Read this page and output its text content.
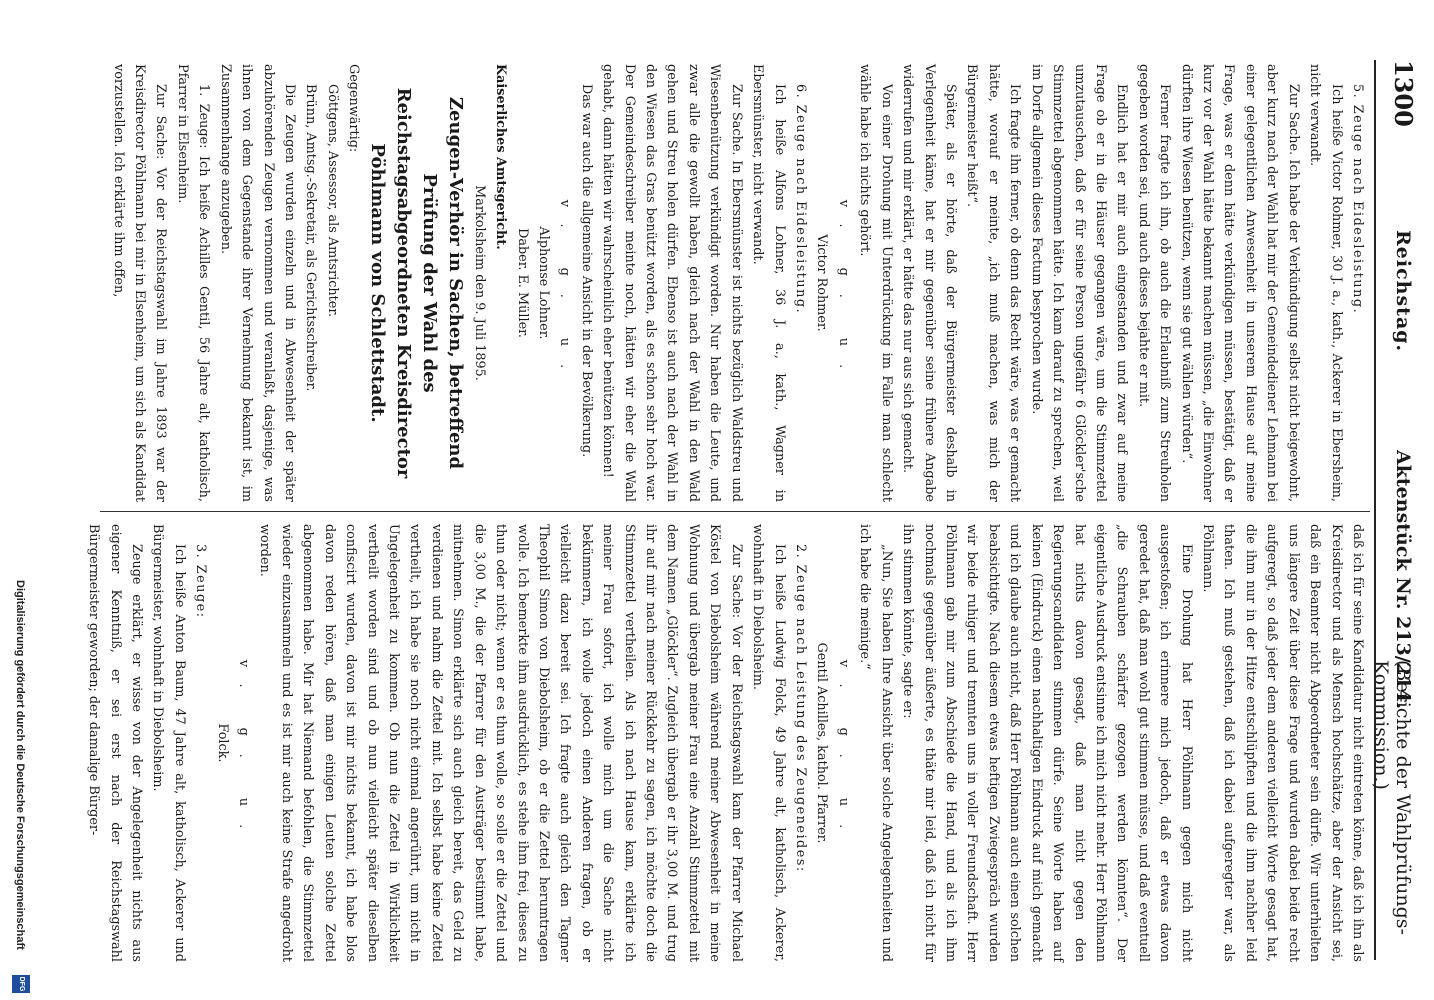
1300
Reichstag.
Aktenstück Nr. 213/214.
(Berichte der Wahlprüfungs-Kommission.)

5. Zeuge nach Eidesleistung.

Ich heiße Victor Rohmer, 30 J. a., kath., Ackerer in Ebersheim, nicht verwandt.

Zur Sache. Ich habe der Verkündigung selbst nicht beigewohnt, aber kurz nach der Wahl hat mir der Gemeindediener Lehmann bei einer gelegentlichen Anwesenheit in unserem Hause auf meine Frage, was er denn hätte verkündigen müssen, bestätigt, daß er kurz vor der Wahl hätte bekannt machen müssen, „die Einwohner dürften ihre Wiesen benützen, wenn sie gut wählen würden“.

Ferner fragte ich ihn, ob auch die Erlaubniß zum Streuholen gegeben worden sei, und auch dieses bejahte er mit.

Endlich hat er mir auch eingestanden und zwar auf meine Frage ob er in die Häuser gegangen wäre, um die Stimmzettel umzutauschen, daß er für seine Person ungefähr 6 Glöckler'sche Stimmzettel abgenommen hätte. Ich kam darauf zu sprechen, weil im Dorfe allgemein dieses Factum besprochen wurde.

Ich fragte ihn ferner, ob denn das Recht wäre, was er gemacht hätte, worauf er meinte, „ich muß machen, was mich der Bürgermeister heißt“.

Später, als er hörte, daß der Bürgermeister deshalb in Verlegenheit käme, hat er mir gegenüber seine frühere Angabe widerrufen und mir erklärt, er hätte das nur aus sich gemacht.

Von einer Drohung mit Unterdrückung im Falle man schlecht wähle habe ich nichts gehört.

v. g. u.

Victor Rohmer.

6. Zeuge nach Eidesleistung.

Ich heiße Alfons Lohner, 36 J. a., kath., Wagner in Ebersmünster, nicht verwandt.

Zur Sache. In Ebersmünster ist nichts bezüglich Waldstreu und Wiesenbenützung verkündigt worden. Nur haben die Leute, und zwar alle die gewollt haben, gleich nach der Wahl in den Wald gehen und Streu holen dürfen. Ebenso ist auch nach der Wahl in den Wiesen das Gras benützt worden, als es schon sehr hoch war. Der Gemeindeschreiber meinte noch, hätten wir eher die Wahl gehabt, dann hätten wir wahrscheinlich eher benützen können!

Das war auch die allgemeine Ansicht in der Bevölkerung.

v. g. u.

Alphonse Lohner.

Daber. E. Müller.

Kaiserliches Amtsgericht.

Markolsheim den 9. Juli 1895.

Zeugen-Verhör in Sachen, betreffend Prüfung der Wahl des Reichstagsabgeordneten Kreisdirector Pöhlmann von Schlettstadt.

Gegenwärtig:

Göttgens, Assessor, als Amtsrichter.

Brünn, Amtsg.-Sekretair, als Gerichtsschreiber.

Die Zeugen wurden einzeln und in Abwesenheit der später abzuhörenden Zeugen vernommen und veranlaßt, dasjenige, was ihnen von dem Gegenstande ihrer Vernehmung bekannt ist, im Zusammenhange anzugeben.

1. Zeuge: Ich heiße Achilles Gentil, 56 Jahre alt, katholisch, Pfarrer in Elsenheim.

Zur Sache: Vor der Reichstagswahl im Jahre 1893 war der Kreisdirector Pöhlmann bei mir in Elsenheim, um sich als Kandidat vorzustellen. Ich erklärte ihm offen,

daß ich für seine Kandidatur nicht eintreten könne, daß ich ihn als Kreisdirector und als Mensch hochschätze, aber der Ansicht sei, daß ein Beamter nicht Abgeordneter sein dürfe. Wir unterhielten uns längere Zeit über diese Frage und wurden dabei beide recht aufgeregt, so daß jeder dem anderen vielleicht Worte gesagt hat, die ihm nur in der Hitze entschlüpften und die ihm nachher leid thaten. Ich muß gestehen, daß ich dabei aufgeregter war, als Pöhlmann.

Eine Drohung hat Herr Pöhlmann gegen mich nicht ausgestoßen; ich erinnere mich jedoch, daß er etwas davon geredet hat, daß man wohl gut stimmen müsse, und daß eventuell „die Schrauben schärfer gezogen werden könnten“. Der eigentliche Ausdruck entsinne ich mich nicht mehr. Herr Pöhlmann hat nichts davon gesagt, daß man nicht gegen den Regierungscandidaten stimmen dürfe. Seine Worte haben auf keinen (Eindruck) einen nachhaltigen Eindruck auf mich gemacht und ich glaube auch nicht, daß Herr Pöhlmann auch einen solchen beabsichtigte. Nach diesem etwas heftigen Zwiegespräch wurden wir beide ruhiger und trennten uns in voller Freundschaft. Herr Pöhlmann gab mir zum Abschiede die Hand, und als ich ihm nochmals gegenüber äußerte, es thäte mir leid, daß ich nicht für ihn stimmen könnte, sagte er:

„Nun, Sie haben Ihre Ansicht über solche Angelegenheiten und ich habe die meinige.“

v. g. u.

Gentil Achilles, kathol. Pfarrer.

2. Zeuge nach Leistung des Zeugeneides:

Ich heiße Ludwig Folck, 49 Jahre alt, katholisch, Ackerer, wohnhaft in Diebolsheim.

Zur Sache: Vor der Reichstagswahl kam der Pfarrer Michael Köstel von Diebolsheim während meiner Abwesenheit in meine Wohnung und übergab meiner Frau eine Anzahl Stimmzettel mit dem Namen „Glöckler“. Zugleich übergab er ihr 3,00 M. und trug ihr auf mir nach meiner Rückkehr zu sagen, ich möchte doch die Stimmzettel vertheilen. Als ich nach Hause kam, erklärte ich meiner Frau sofort, ich wolle mich um die Sache nicht bekümmern, ich wolle jedoch einen Anderen fragen, ob er vielleicht dazu bereit sei. Ich fragte auch gleich den Tagner Theophil Simon von Diebolsheim, ob er die Zettel herumtragen wolle. Ich bemerkte ihm ausdrücklich, es stehe ihm frei, dieses zu thun oder nicht; wenn er es thun wolle, so solle er die Zettel und die 3,00 M., die der Pfarrer für den Austräger bestimmt habe, mitnehmen. Simon erklärte sich auch gleich bereit, das Geld zu verdienen und nahm die Zettel mit. Ich selbst habe keine Zettel vertheilt, ich habe sie noch nicht einmal angerührt, um nicht in Ungelegenheit zu kommen. Ob nun die Zettel in Wirklichkeit vertheilt worden sind und ob nun vielleicht später dieselben confiscirt wurden, davon ist mir nichts bekannt, ich habe blos davon reden hören, daß man einigen Leuten solche Zettel abgenommen habe. Mir hat Niemand befohlen, die Stimmzettel wieder einzusammeln und es ist mir auch keine Strafe angedroht worden.

v. g. u.

Folck.

3. Zeuge:

Ich heiße Anton Baum, 47 Jahre alt, katholisch, Ackerer und Bürgermeister, wohnhaft in Diebolsheim.

Zeuge erklärt, er wisse von der Angelegenheit nichts aus eigener Kenntniß, er sei erst nach der Reichstagswahl Bürgermeister geworden; der damalige Bürger-

Digitalisierung gefördert durch die Deutsche Forschungsgemeinschaft
DFG
